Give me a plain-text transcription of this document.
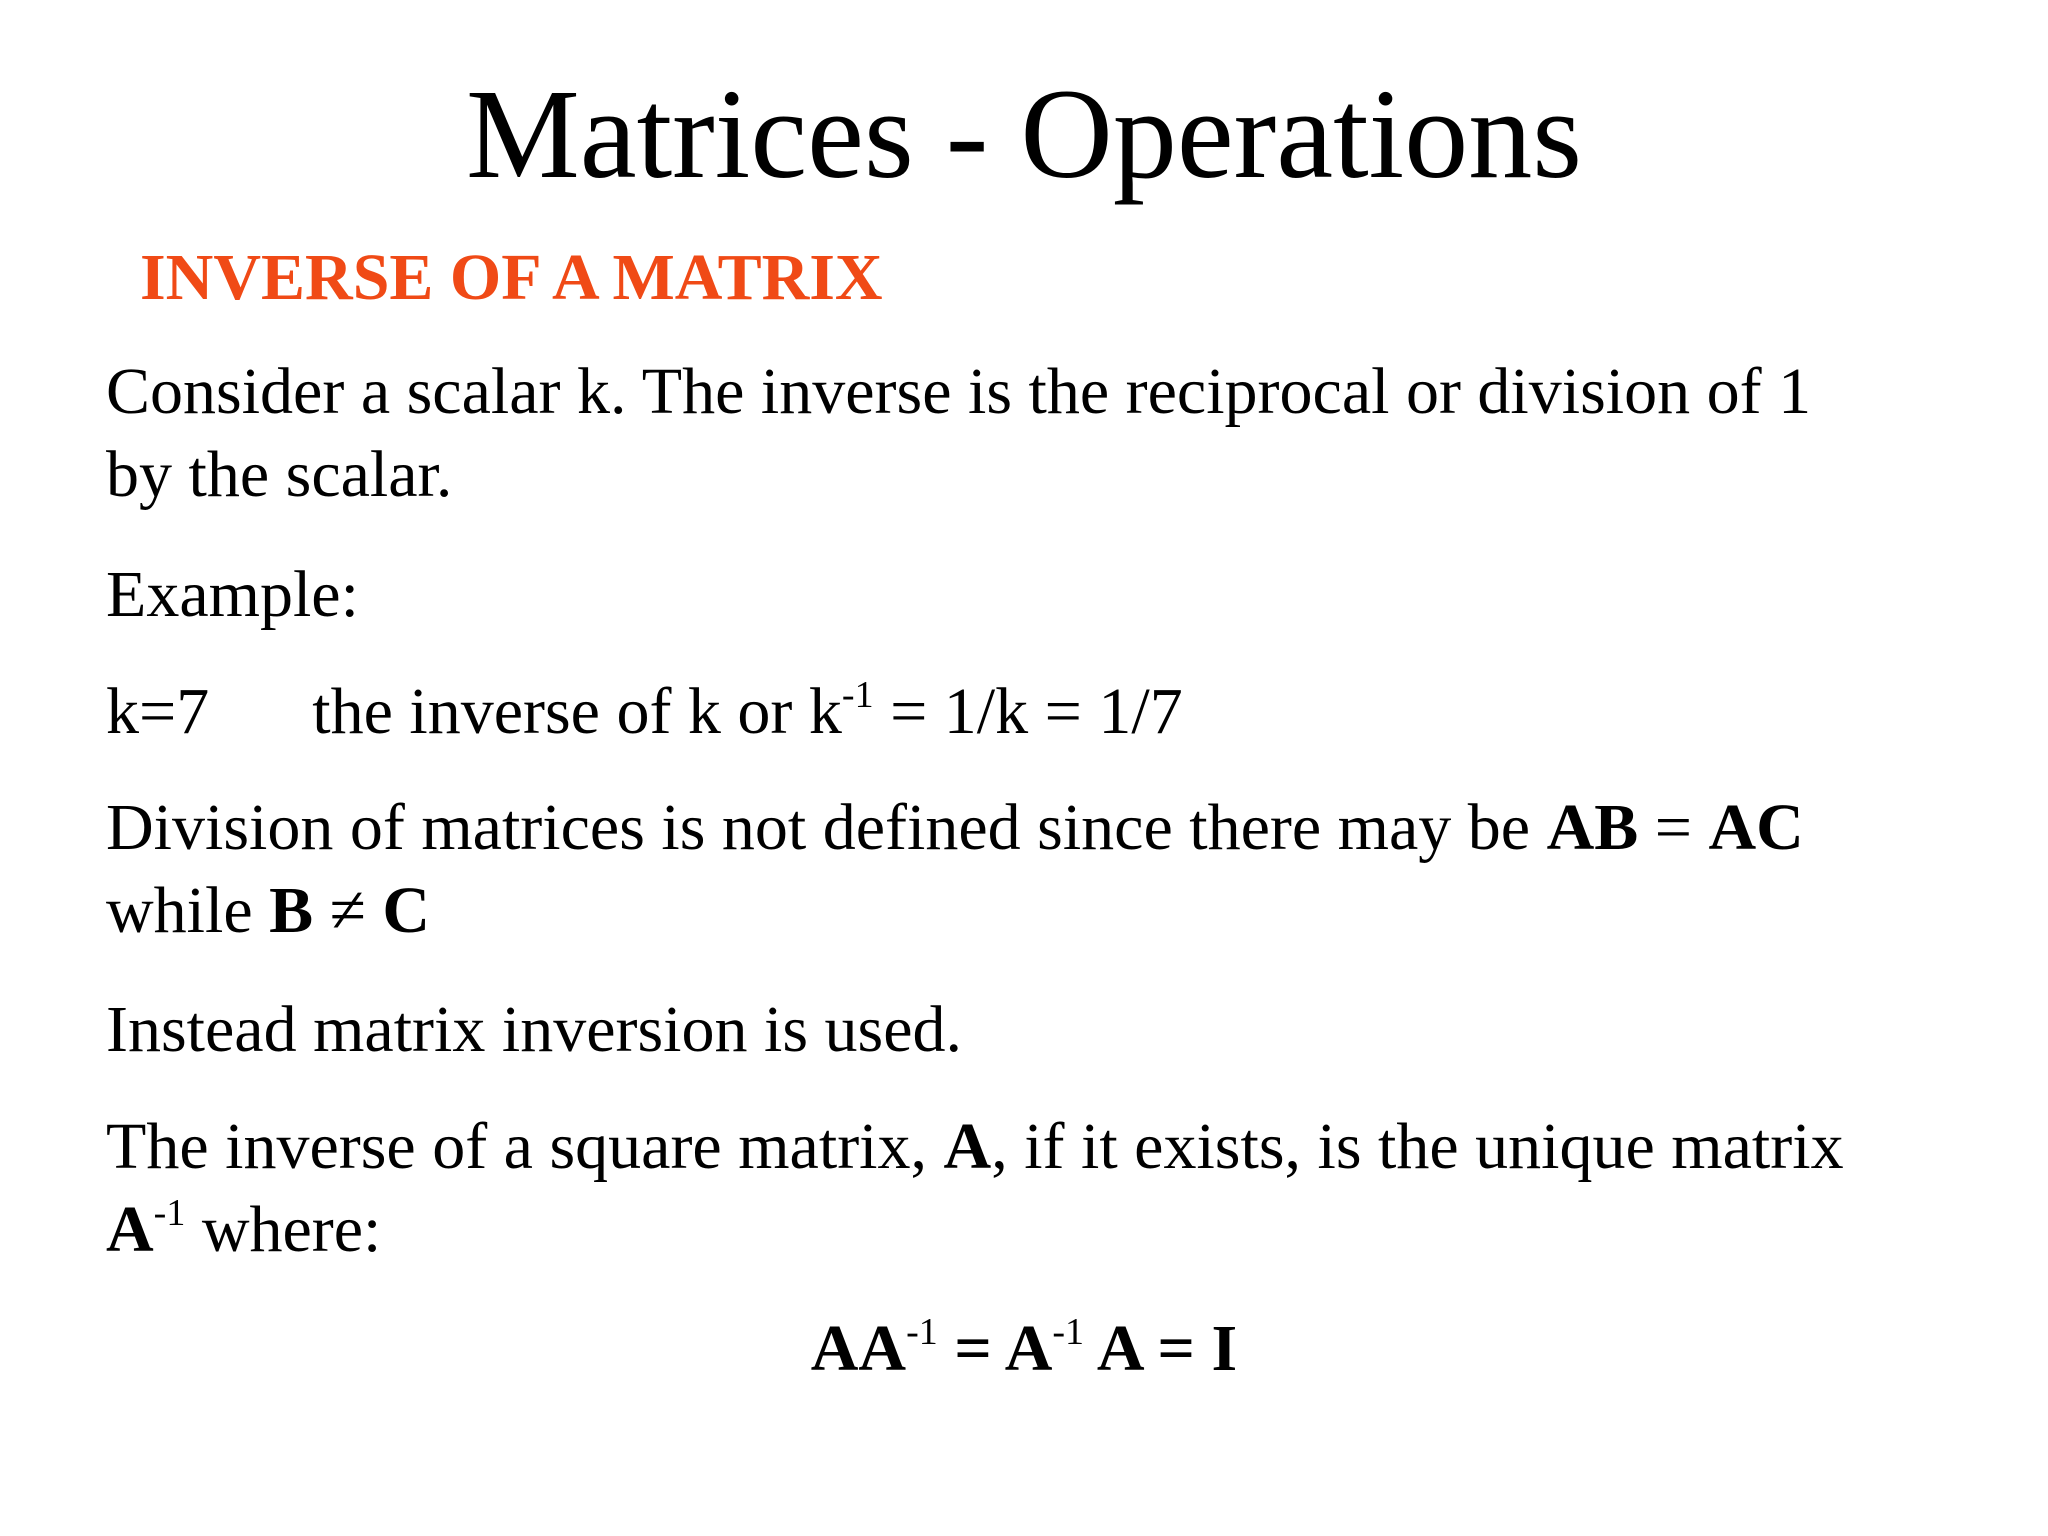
Matrices - Operations
INVERSE OF A MATRIX

Consider a scalar k. The inverse is the reciprocal or division of 1
by the scalar.

Example:

k=7 the inverse of k or $k^{-1} = 1/k = 1/7$

Division of matrices is not defined since there may be AB = AC
while B ≠ C

Instead matrix inversion is used.

The inverse of a square matrix, A, if it exists, is the unique matrix
$A^{-1}$ where:

$AA^{-1} = A^{-1}$ A = I
